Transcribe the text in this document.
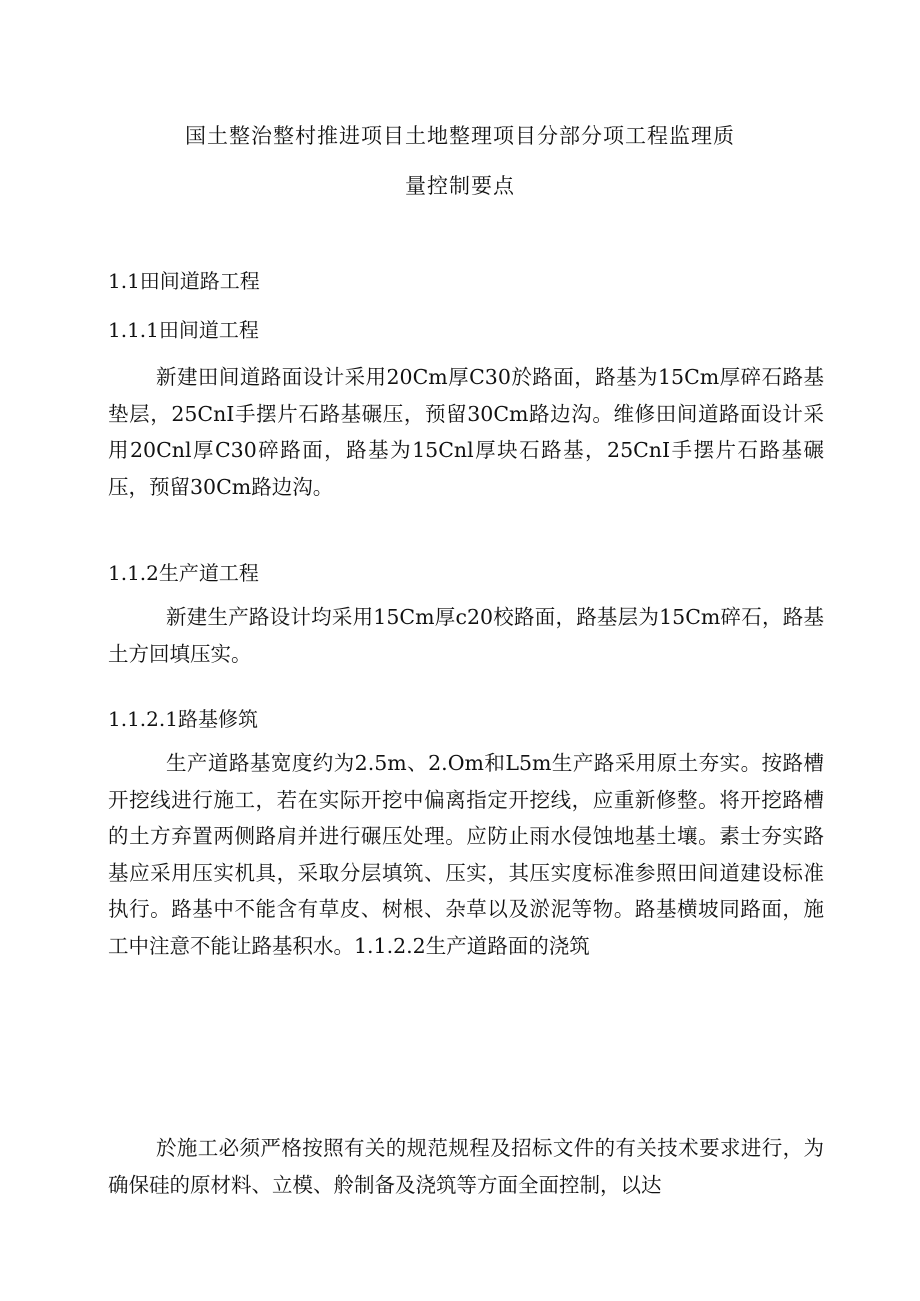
国土整治整村推进项目土地整理项目分部分项工程监理质
量控制要点
1.1田间道路工程
1.1.1田间道工程

新建田间道路面设计采用20Cm厚C30於路面，路基为15Cm厚碎石路基垫层，25CnI手摆片石路基碾压，预留30Cm路边沟。维修田间道路面设计采用20Cnl厚C30碎路面，路基为15Cnl厚块石路基，25CnI手摆片石路基碾压，预留30Cm路边沟。

1.1.2生产道工程

新建生产路设计均采用15Cm厚c20校路面，路基层为15Cm碎石，路基土方回填压实。

1.1.2.1路基修筑

生产道路基宽度约为2.5m、2.Om和L5m生产路采用原土夯实。按路槽开挖线进行施工，若在实际开挖中偏离指定开挖线，应重新修整。将开挖路槽的土方弃置两侧路肩并进行碾压处理。应防止雨水侵蚀地基土壤。素士夯实路基应采用压实机具，采取分层填筑、压实，其压实度标准参照田间道建设标准执行。路基中不能含有草皮、树根、杂草以及淤泥等物。路基横坡同路面，施工中注意不能让路基积水。1.1.2.2生产道路面的浇筑

於施工必须严格按照有关的规范规程及招标文件的有关技术要求进行，为确保硅的原材料、立模、舲制备及浇筑等方面全面控制，以达
